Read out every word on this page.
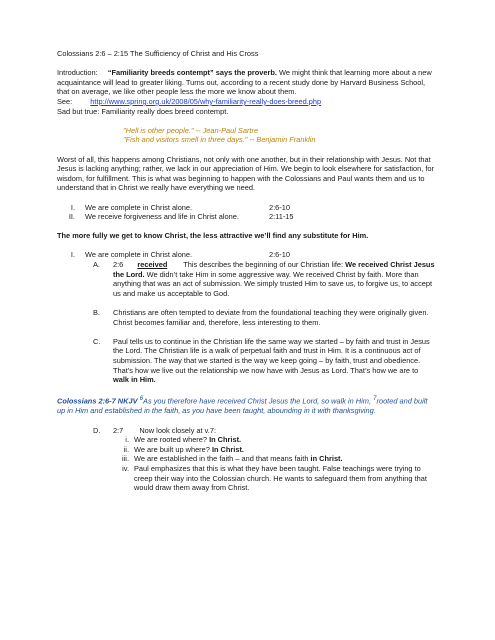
Colossians 2:6 – 2:15 The Sufficiency of Christ and His Cross

Introduction: “Familiarity breeds contempt” says the proverb. We might think that learning more about a new acquaintance will lead to greater liking. Turns out, according to a recent study done by Harvard Business School, that on average, we like other people less the more we know about them.

See: http://www.spring.org.uk/2008/05/why-familiarity-really-does-breed.php

Sad but true: Familiarity really does breed contempt.

"Hell is other people." -- Jean-Paul Sartre

"Fish and visitors smell in three days." -- Benjamin Franklin

Worst of all, this happens among Christians, not only with one another, but in their relationship with Jesus. Not that Jesus is lacking anything; rather, we lack in our appreciation of Him. We begin to look elsewhere for satisfaction, for wisdom, for fulfillment. This is what was beginning to happen with the Colossians and Paul wants them and us to understand that in Christ we really have everything we need.

I. We are complete in Christ alone.	2:6-10
II. We receive forgiveness and life in Christ alone.	2:11-15

The more fully we get to know Christ, the less attractive we’ll find any substitute for Him.

I. We are complete in Christ alone.	2:6-10
A.	2:6 received This describes the beginning of our Christian life: We received Christ Jesus the Lord. We didn’t take Him in some aggressive way. We received Christ by faith. More than anything that was an act of submission. We simply trusted Him to save us, to forgive us, to accept us and make us acceptable to God.
B.	Christians are often tempted to deviate from the foundational teaching they were originally given. Christ becomes familiar and, therefore, less interesting to them.
C.	Paul tells us to continue in the Christian life the same way we started – by faith and trust in Jesus the Lord. The Christian life is a walk of perpetual faith and trust in Him. It is a continuous act of submission. The way that we started is the way we keep going – by faith, trust and obedience. That’s how we live out the relationship we now have with Jesus as Lord. That’s how we are to walk in Him.

Colossians 2:6-7 NKJV $^6$As you therefore have received Christ Jesus the Lord, so walk in Him, $^7$rooted and built up in Him and established in the faith, as you have been taught, abounding in it with thanksgiving.

D.	2:7 Now look closely at v.7:
i. We are rooted where? In Christ.
ii. We are built up where? In Christ.
iii. We are established in the faith – and that means faith in Christ.
iv. Paul emphasizes that this is what they have been taught. False teachings were trying to creep their way into the Colossian church. He wants to safeguard them from anything that would draw them away from Christ.
